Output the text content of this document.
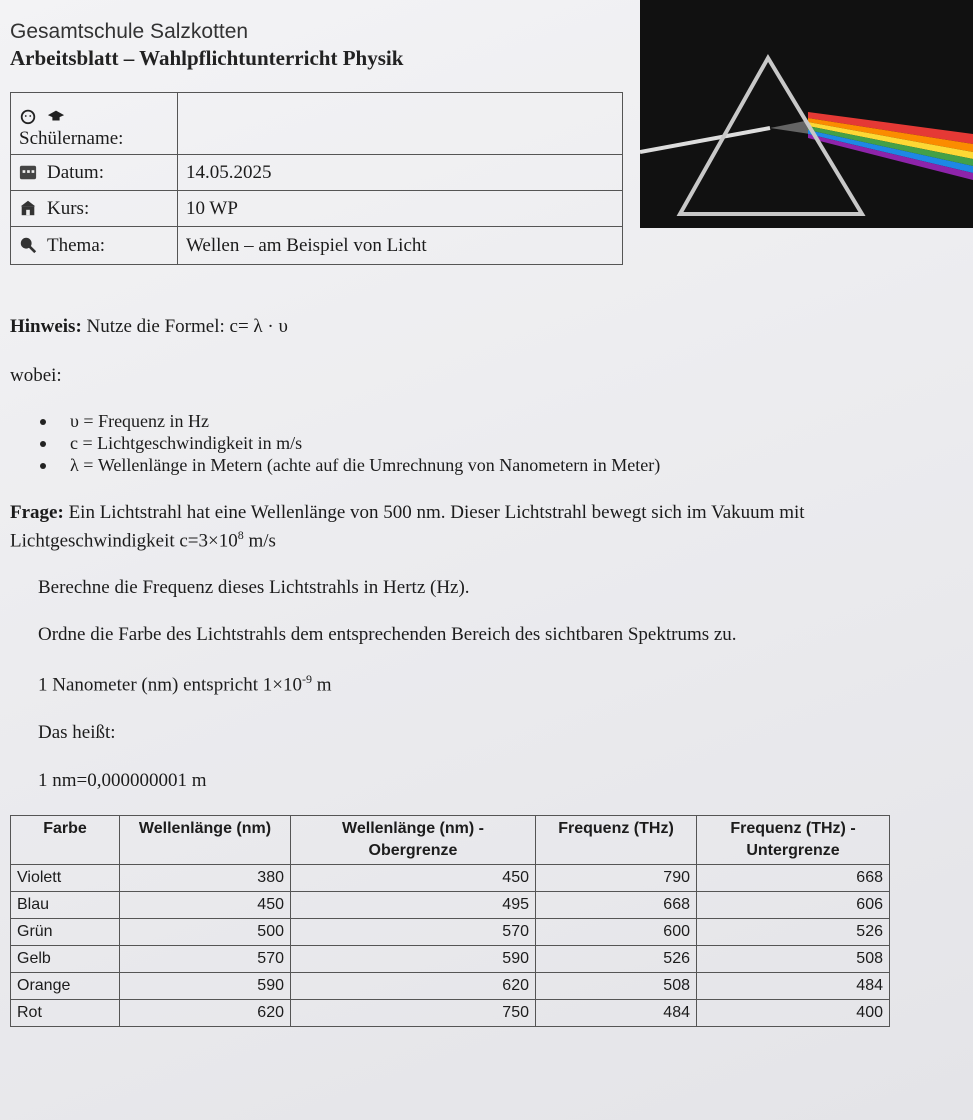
Gesamtschule Salzkotten
Arbeitsblatt – Wahlpflichtunterricht Physik
Schülername:	

Datum:	14.05.2025
Kurs:	10 WP
Thema:	Wellen – am Beispiel von Licht
Hinweis: Nutze die Formel: c= λ · υ
wobei:
υ = Frequenz in Hz
c = Lichtgeschwindigkeit in m/s
λ = Wellenlänge in Metern (achte auf die Umrechnung von Nanometern in Meter)
Frage: Ein Lichtstrahl hat eine Wellenlänge von 500 nm. Dieser Lichtstrahl bewegt sich im Vakuum mit
Lichtgeschwindigkeit $c=3\times 10^8$ m/s
Berechne die Frequenz dieses Lichtstrahls in Hertz (Hz).
Ordne die Farbe des Lichtstrahls dem entsprechenden Bereich des sichtbaren Spektrums zu.
1 Nanometer (nm) entspricht $1\times 10^{-9}$ m
Das heißt:
1 nm=0,000000001 m
Farbe	Wellenlänge (nm)	Wellenlänge (nm) - Obergrenze	Frequenz (THz)	Frequenz (THz) - Untergrenze
Violett	380	450	790	668
Blau	450	495	668	606
Grün	500	570	600	526
Gelb	570	590	526	508
Orange	590	620	508	484
Rot	620	750	484	400
